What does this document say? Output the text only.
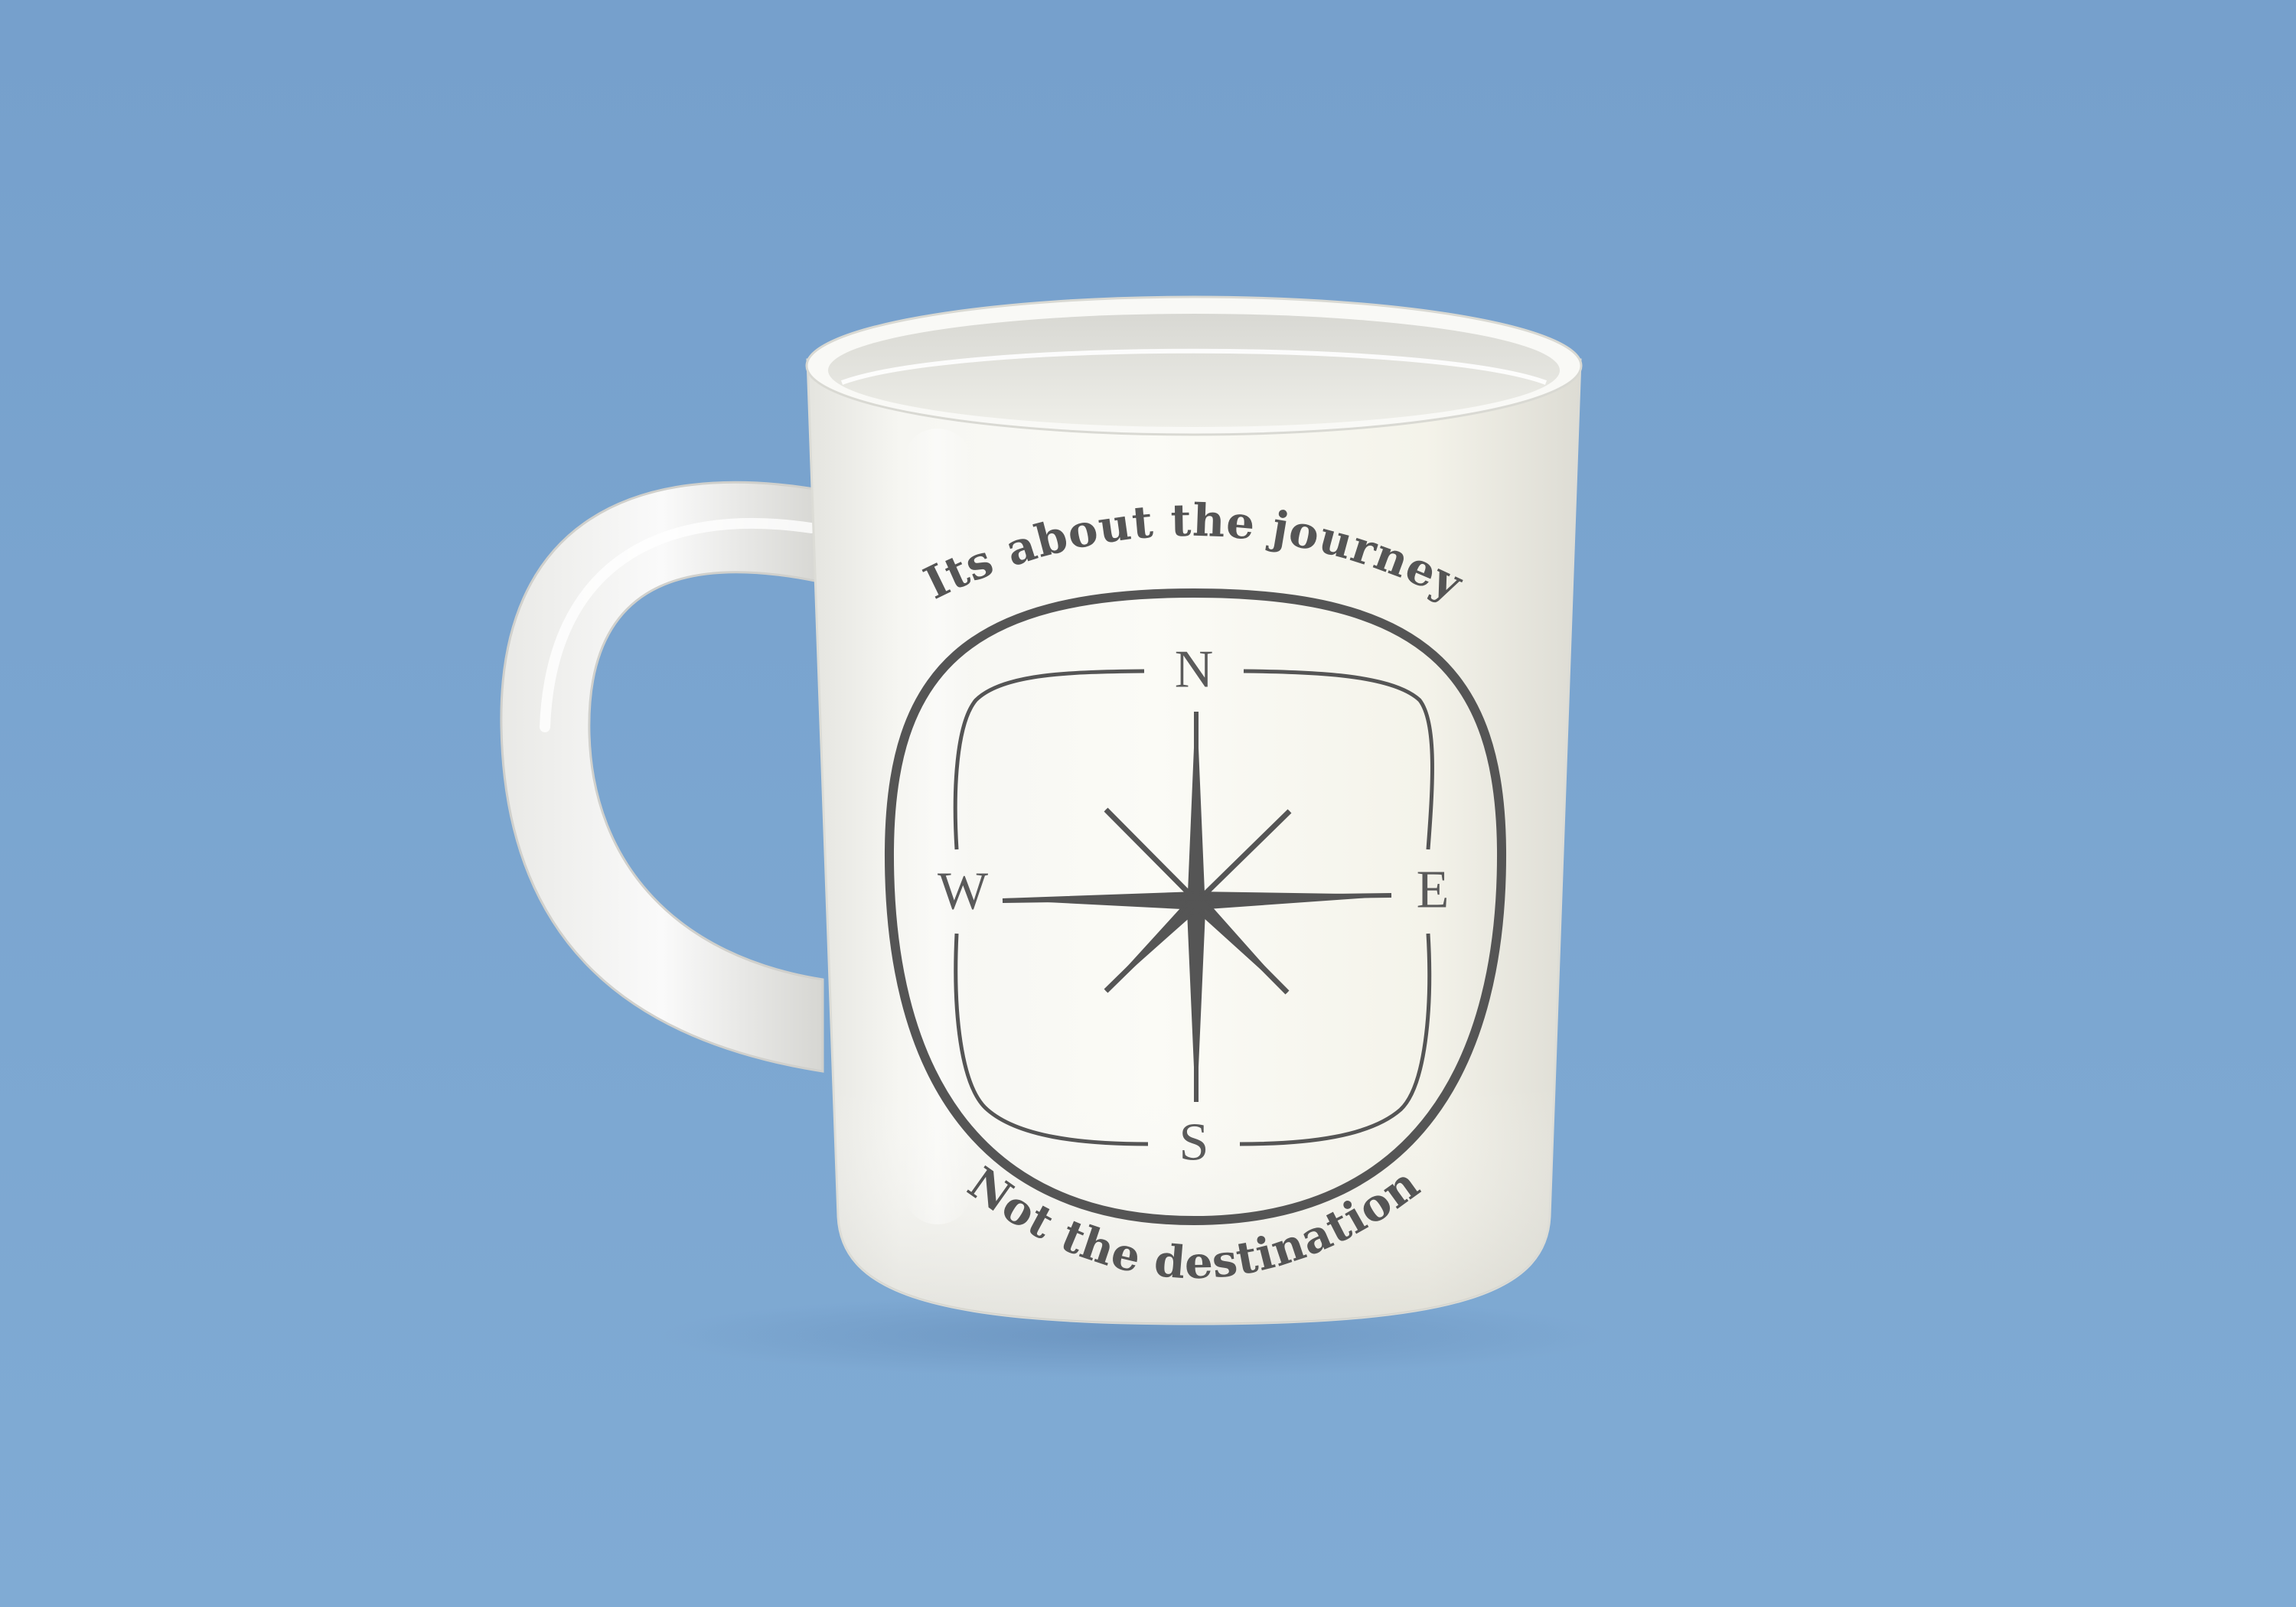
Its about the journey
Not the destination
N
S
E
W
